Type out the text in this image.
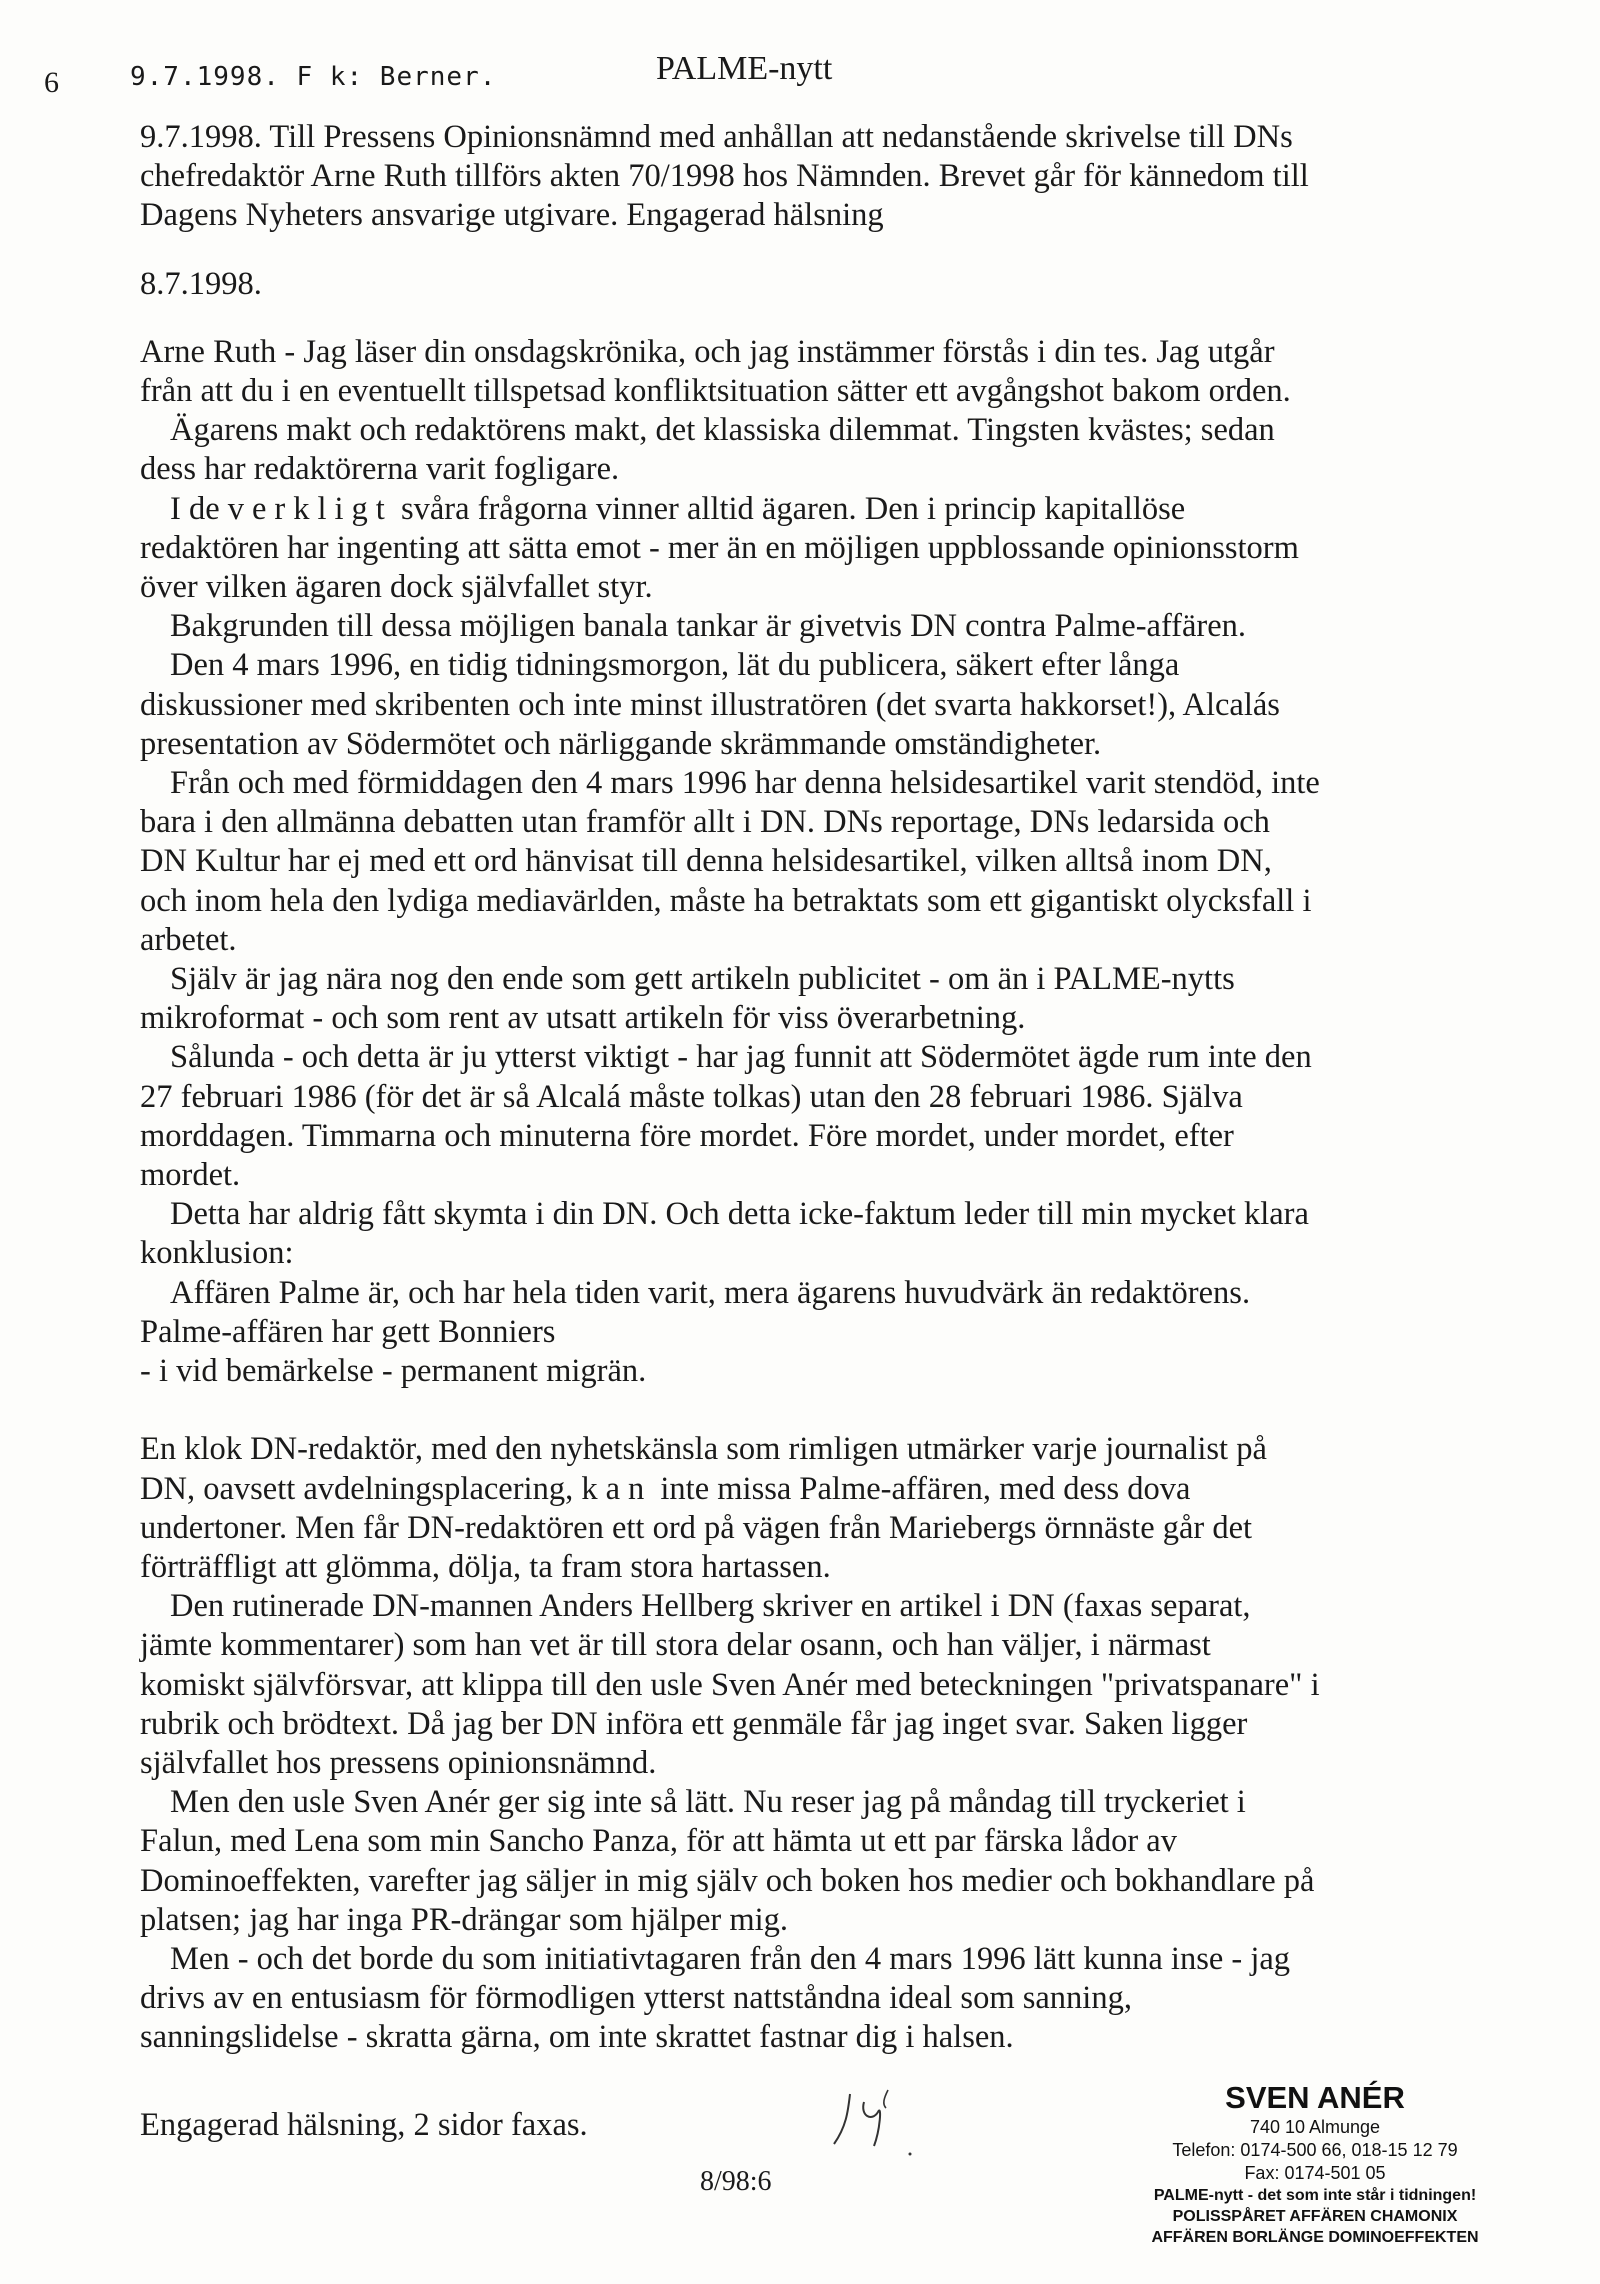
6	9.7.1998. F k: Berner.	PALME-nytt

9.7.1998. Till Pressens Opinionsnämnd med anhållan att nedanstående skrivelse till DNs

chefredaktör Arne Ruth tillförs akten 70/1998 hos Nämnden. Brevet går för kännedom till

Dagens Nyheters ansvarige utgivare. Engagerad hälsning

8.7.1998.

Arne Ruth - Jag läser din onsdagskrönika, och jag instämmer förstås i din tes. Jag utgår

från att du i en eventuellt tillspetsad konfliktsituation sätter ett avgångshot bakom orden.

Ägarens makt och redaktörens makt, det klassiska dilemmat. Tingsten kvästes; sedan

dess har redaktörerna varit fogligare.

I de verkligt svåra frågorna vinner alltid ägaren. Den i princip kapitallöse

redaktören har ingenting att sätta emot - mer än en möjligen uppblossande opinionsstorm

över vilken ägaren dock självfallet styr.

Bakgrunden till dessa möjligen banala tankar är givetvis DN contra Palme-affären.

Den 4 mars 1996, en tidig tidningsmorgon, lät du publicera, säkert efter långa

diskussioner med skribenten och inte minst illustratören (det svarta hakkorset!), Alcalás

presentation av Södermötet och närliggande skrämmande omständigheter.

Från och med förmiddagen den 4 mars 1996 har denna helsidesartikel varit stendöd, inte

bara i den allmänna debatten utan framför allt i DN. DNs reportage, DNs ledarsida och

DN Kultur har ej med ett ord hänvisat till denna helsidesartikel, vilken alltså inom DN,

och inom hela den lydiga mediavärlden, måste ha betraktats som ett gigantiskt olycksfall i

arbetet.

Själv är jag nära nog den ende som gett artikeln publicitet - om än i PALME-nytts

mikroformat - och som rent av utsatt artikeln för viss överarbetning.

Sålunda - och detta är ju ytterst viktigt - har jag funnit att Södermötet ägde rum inte den

27 februari 1986 (för det är så Alcalá måste tolkas) utan den 28 februari 1986. Själva

morddagen. Timmarna och minuterna före mordet. Före mordet, under mordet, efter

mordet.

Detta har aldrig fått skymta i din DN. Och detta icke-faktum leder till min mycket klara

konklusion:

Affären Palme är, och har hela tiden varit, mera ägarens huvudvärk än redaktörens.

Palme-affären har gett Bonniers

- i vid bemärkelse - permanent migrän.

En klok DN-redaktör, med den nyhetskänsla som rimligen utmärker varje journalist på

DN, oavsett avdelningsplacering, kan inte missa Palme-affären, med dess dova

undertoner. Men får DN-redaktören ett ord på vägen från Mariebergs örnnäste går det

förträffligt att glömma, dölja, ta fram stora hartassen.

Den rutinerade DN-mannen Anders Hellberg skriver en artikel i DN (faxas separat,

jämte kommentarer) som han vet är till stora delar osann, och han väljer, i närmast

komiskt självförsvar, att klippa till den usle Sven Anér med beteckningen "privatspanare" i

rubrik och brödtext. Då jag ber DN införa ett genmäle får jag inget svar. Saken ligger

självfallet hos pressens opinionsnämnd.

Men den usle Sven Anér ger sig inte så lätt. Nu reser jag på måndag till tryckeriet i

Falun, med Lena som min Sancho Panza, för att hämta ut ett par färska lådor av

Dominoeffekten, varefter jag säljer in mig själv och boken hos medier och bokhandlare på

platsen; jag har inga PR-drängar som hjälper mig.

Men - och det borde du som initiativtagaren från den 4 mars 1996 lätt kunna inse - jag

drivs av en entusiasm för förmodligen ytterst nattståndna ideal som sanning,

sanningslidelse - skratta gärna, om inte skrattet fastnar dig i halsen.

Engagerad hälsning, 2 sidor faxas.
8/98:6
SVEN ANÉR
740 10 Almunge
Telefon: 0174-500 66, 018-15 12 79
Fax: 0174-501 05
PALME-nytt - det som inte står i tidningen!
POLISSPÅRET AFFÄREN CHAMONIX
AFFÄREN BORLÄNGE DOMINOEFFEKTEN
